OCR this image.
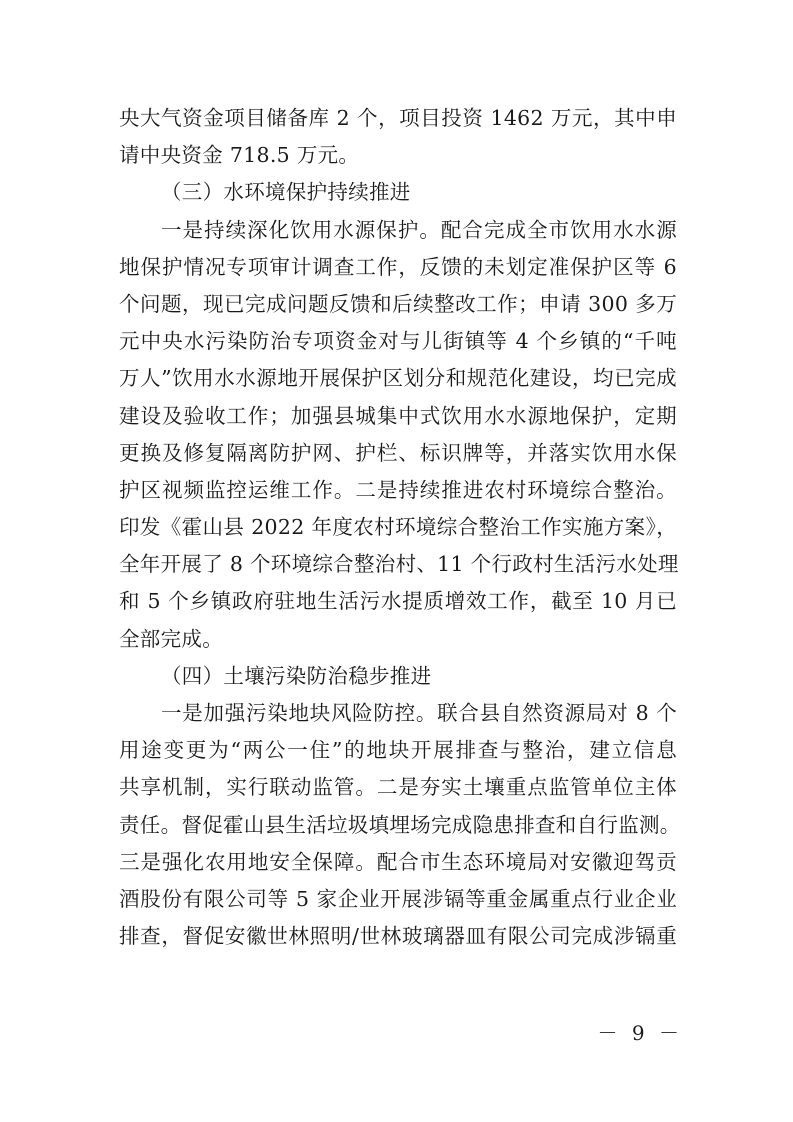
央大气资金项目储备库 2 个，项目投资 1462 万元，其中申
请中央资金 718.5 万元。
（三）水环境保护持续推进
一是持续深化饮用水源保护。配合完成全市饮用水水源
地保护情况专项审计调查工作，反馈的未划定准保护区等 6
个问题，现已完成问题反馈和后续整改工作；申请 300 多万
元中央水污染防治专项资金对与儿街镇等 4 个乡镇的“千吨
万人”饮用水水源地开展保护区划分和规范化建设，均已完成
建设及验收工作；加强县城集中式饮用水水源地保护，定期
更换及修复隔离防护网、护栏、标识牌等，并落实饮用水保
护区视频监控运维工作。二是持续推进农村环境综合整治。
印发《霍山县 2022 年度农村环境综合整治工作实施方案》，
全年开展了 8 个环境综合整治村、11 个行政村生活污水处理
和 5 个乡镇政府驻地生活污水提质增效工作，截至 10 月已
全部完成。
（四）土壤污染防治稳步推进
一是加强污染地块风险防控。联合县自然资源局对 8 个
用途变更为“两公一住”的地块开展排查与整治，建立信息
共享机制，实行联动监管。二是夯实土壤重点监管单位主体
责任。督促霍山县生活垃圾填埋场完成隐患排查和自行监测。
三是强化农用地安全保障。配合市生态环境局对安徽迎驾贡
酒股份有限公司等 5 家企业开展涉镉等重金属重点行业企业
排查，督促安徽世林照明/世林玻璃器皿有限公司完成涉镉重
－ 9 －
